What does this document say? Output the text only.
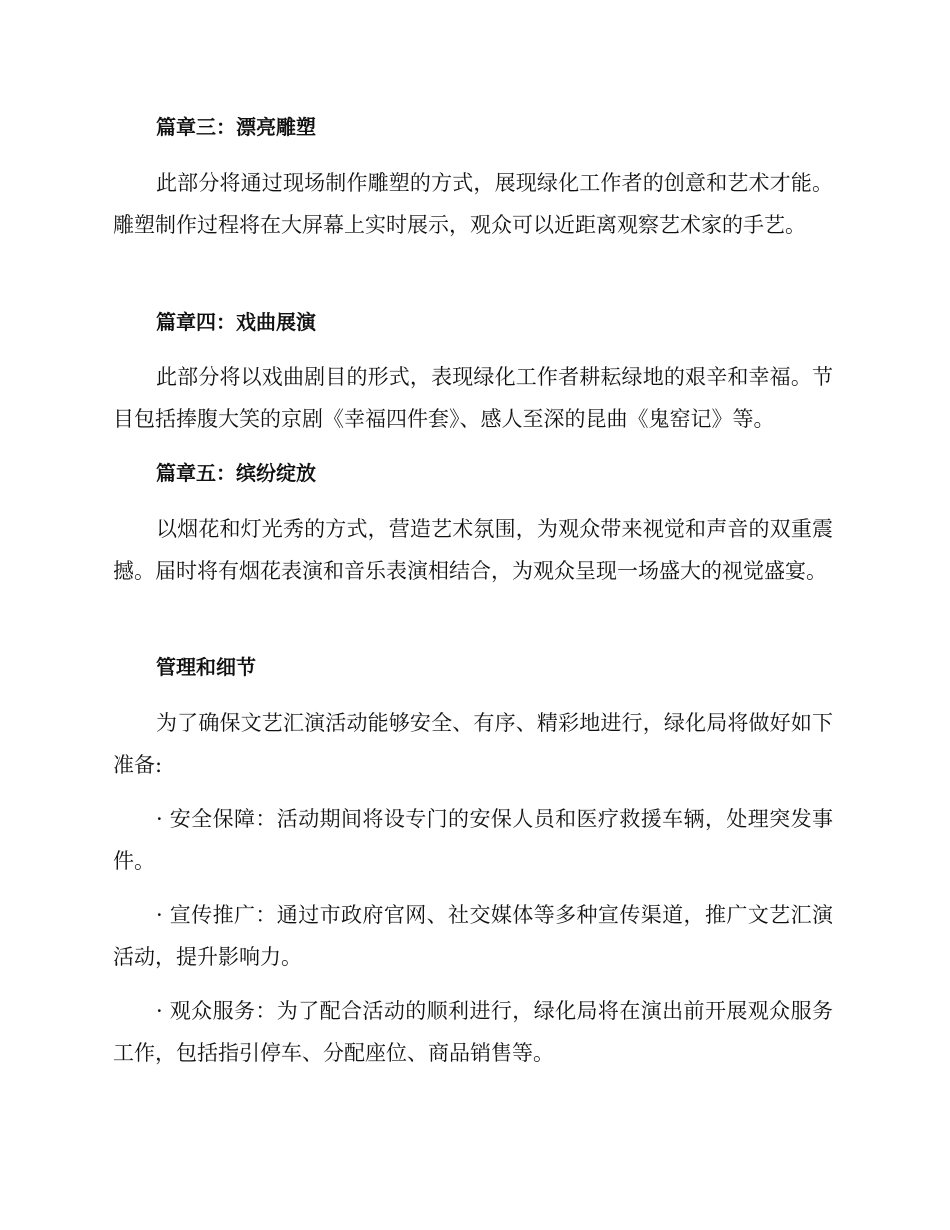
篇章三：漂亮雕塑

此部分将通过现场制作雕塑的方式，展现绿化工作者的创意和艺术才能。雕塑制作过程将在大屏幕上实时展示，观众可以近距离观察艺术家的手艺。

篇章四：戏曲展演

此部分将以戏曲剧目的形式，表现绿化工作者耕耘绿地的艰辛和幸福。节目包括捧腹大笑的京剧《幸福四件套》、感人至深的昆曲《鬼窑记》等。

篇章五：缤纷绽放

以烟花和灯光秀的方式，营造艺术氛围，为观众带来视觉和声音的双重震撼。届时将有烟花表演和音乐表演相结合，为观众呈现一场盛大的视觉盛宴。

管理和细节

为了确保文艺汇演活动能够安全、有序、精彩地进行，绿化局将做好如下准备:

· 安全保障：活动期间将设专门的安保人员和医疗救援车辆，处理突发事件。

· 宣传推广：通过市政府官网、社交媒体等多种宣传渠道，推广文艺汇演活动，提升影响力。

· 观众服务：为了配合活动的顺利进行，绿化局将在演出前开展观众服务工作，包括指引停车、分配座位、商品销售等。
